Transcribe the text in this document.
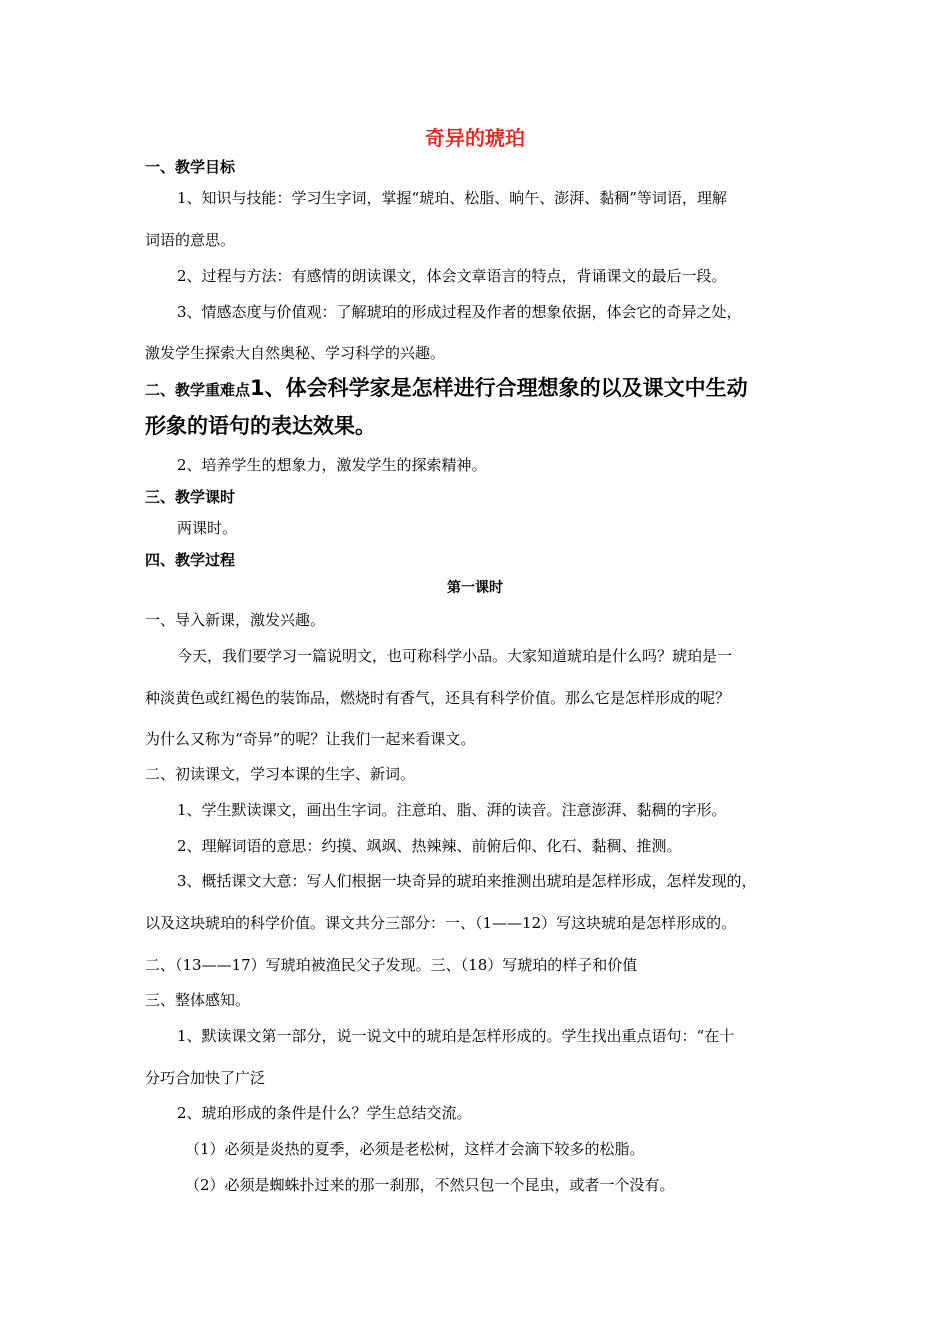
奇异的琥珀
一、教学目标
1、知识与技能：学习生字词，掌握“琥珀、松脂、晌午、澎湃、黏稠”等词语，理解
词语的意思。
2、过程与方法：有感情的朗读课文，体会文章语言的特点，背诵课文的最后一段。
3、情感态度与价值观：了解琥珀的形成过程及作者的想象依据，体会它的奇异之处，
激发学生探索大自然奥秘、学习科学的兴趣。
二、教学重难点1、体会科学家是怎样进行合理想象的以及课文中生动
形象的语句的表达效果。
2、培养学生的想象力，激发学生的探索精神。
三、教学课时
两课时。
四、教学过程
第一课时
一、导入新课，激发兴趣。
今天，我们要学习一篇说明文，也可称科学小品。大家知道琥珀是什么吗？琥珀是一
种淡黄色或红褐色的装饰品，燃烧时有香气，还具有科学价值。那么它是怎样形成的呢？
为什么又称为“奇异”的呢？让我们一起来看课文。
二、初读课文，学习本课的生字、新词。
1、学生默读课文，画出生字词。注意珀、脂、湃的读音。注意澎湃、黏稠的字形。
2、理解词语的意思：约摸、飒飒、热辣辣、前俯后仰、化石、黏稠、推测。
3、概括课文大意：写人们根据一块奇异的琥珀来推测出琥珀是怎样形成，怎样发现的，
以及这块琥珀的科学价值。课文共分三部分：一、（1——12）写这块琥珀是怎样形成的。
二、（13——17）写琥珀被渔民父子发现。三、（18）写琥珀的样子和价值
三、整体感知。
1、默读课文第一部分，说一说文中的琥珀是怎样形成的。学生找出重点语句：“在十
分巧合加快了广泛
2、琥珀形成的条件是什么？学生总结交流。
（1）必须是炎热的夏季，必须是老松树，这样才会滴下较多的松脂。
（2）必须是蜘蛛扑过来的那一刹那，不然只包一个昆虫，或者一个没有。
